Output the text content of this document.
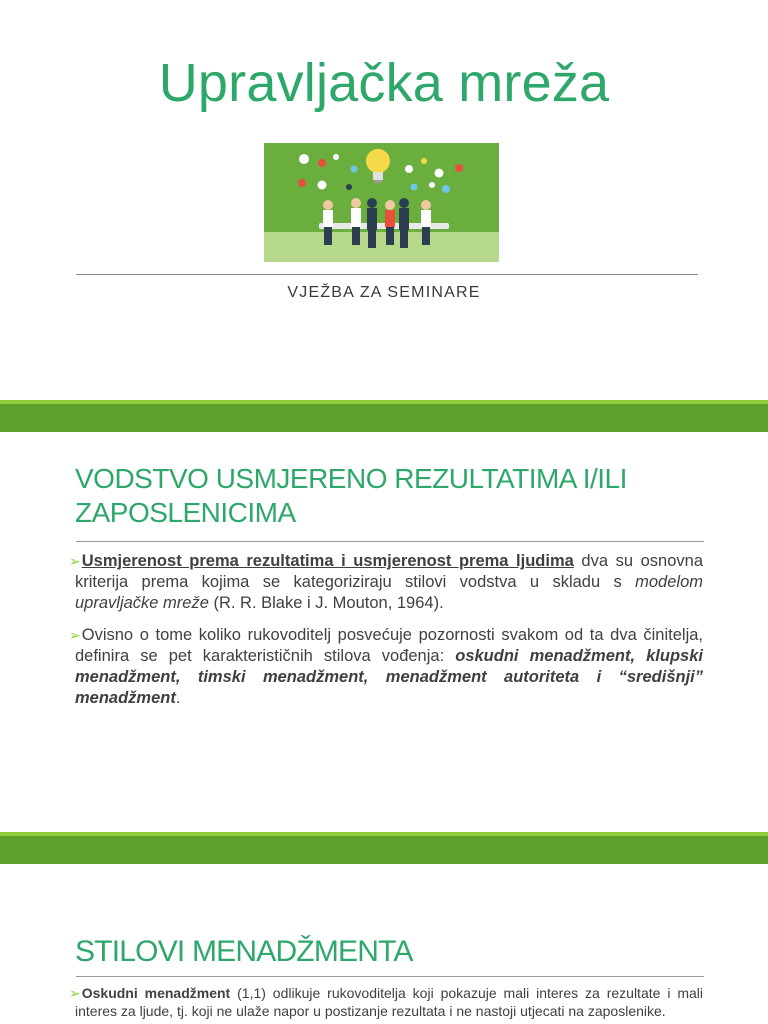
Upravljačka mreža
VJEŽBA ZA SEMINARE
VODSTVO USMJERENO REZULTATIMA I/ILI ZAPOSLENICIMA
➢Usmjerenost prema rezultatima i usmjerenost prema ljudima dva su osnovna kriterija prema kojima se kategoriziraju stilovi vodstva u skladu s modelom upravljačke mreže (R. R. Blake i J. Mouton, 1964).
➢Ovisno o tome koliko rukovoditelj posvećuje pozornosti svakom od ta dva činitelja, definira se pet karakterističnih stilova vođenja: oskudni menadžment, klupski menadžment, timski menadžment, menadžment autoriteta i “središnji” menadžment.
STILOVI MENADŽMENTA
➢Oskudni menadžment (1,1) odlikuje rukovoditelja koji pokazuje mali interes za rezultate i mali interes za ljude, tj. koji ne ulaže napor u postizanje rezultata i ne nastoji utjecati na zaposlenike.
